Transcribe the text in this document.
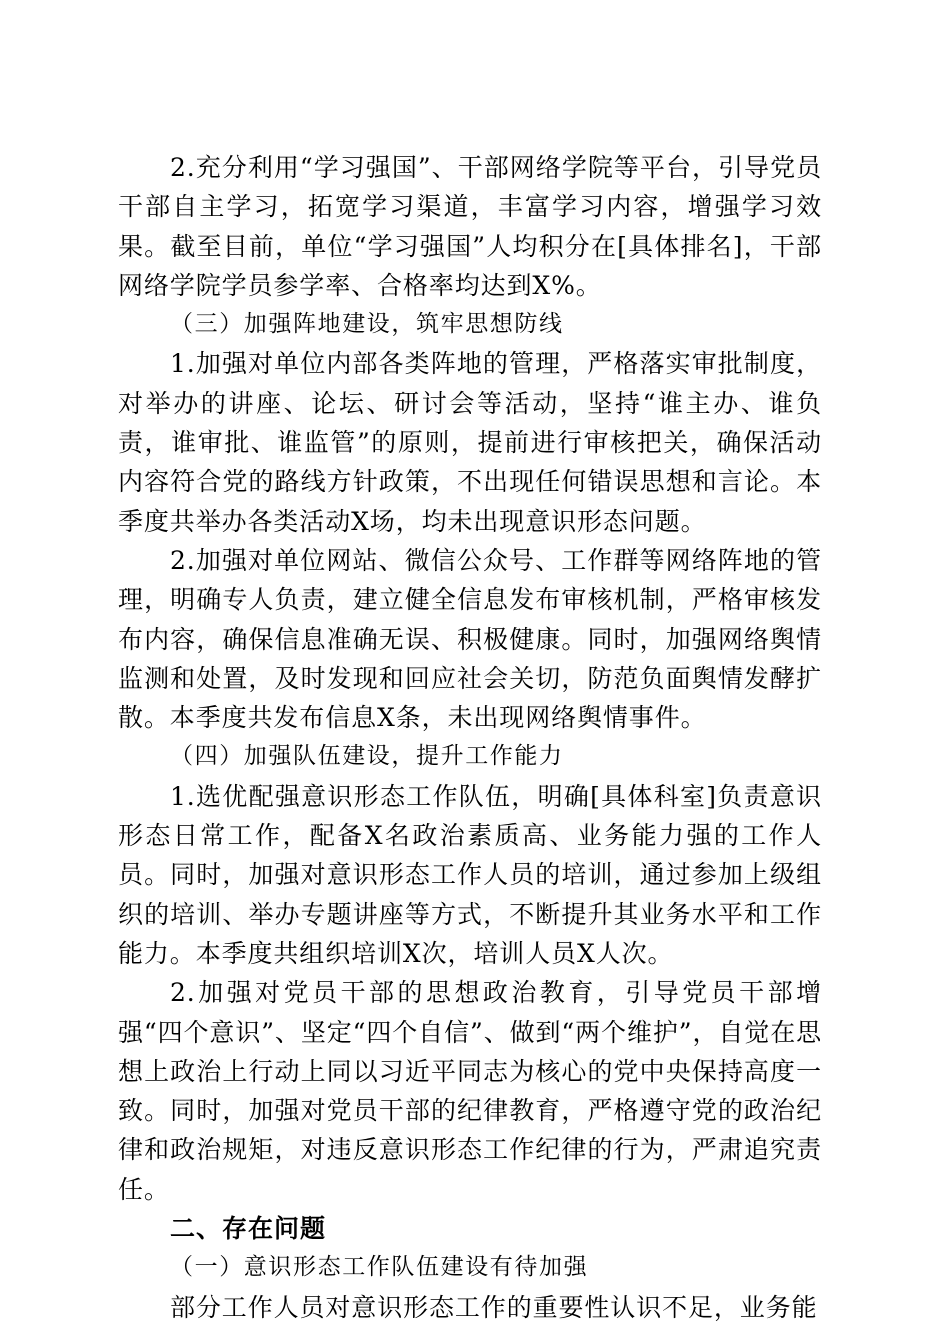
2.充分利用“学习强国”、干部网络学院等平台，引导党员干部自主学习，拓宽学习渠道，丰富学习内容，增强学习效果。截至目前，单位“学习强国”人均积分在[具体排名]，干部网络学院学员参学率、合格率均达到X%。

（三）加强阵地建设，筑牢思想防线

1.加强对单位内部各类阵地的管理，严格落实审批制度，对举办的讲座、论坛、研讨会等活动，坚持“谁主办、谁负责，谁审批、谁监管”的原则，提前进行审核把关，确保活动内容符合党的路线方针政策，不出现任何错误思想和言论。本季度共举办各类活动X场，均未出现意识形态问题。

2.加强对单位网站、微信公众号、工作群等网络阵地的管理，明确专人负责，建立健全信息发布审核机制，严格审核发布内容，确保信息准确无误、积极健康。同时，加强网络舆情监测和处置，及时发现和回应社会关切，防范负面舆情发酵扩散。本季度共发布信息X条，未出现网络舆情事件。

（四）加强队伍建设，提升工作能力

1.选优配强意识形态工作队伍，明确[具体科室]负责意识形态日常工作，配备X名政治素质高、业务能力强的工作人员。同时，加强对意识形态工作人员的培训，通过参加上级组织的培训、举办专题讲座等方式，不断提升其业务水平和工作能力。本季度共组织培训X次，培训人员X人次。

2.加强对党员干部的思想政治教育，引导党员干部增强“四个意识”、坚定“四个自信”、做到“两个维护”，自觉在思想上政治上行动上同以习近平同志为核心的党中央保持高度一致。同时，加强对党员干部的纪律教育，严格遵守党的政治纪律和政治规矩，对违反意识形态工作纪律的行为，严肃追究责任。

二、存在问题

（一）意识形态工作队伍建设有待加强

部分工作人员对意识形态工作的重要性认识不足，业务能
